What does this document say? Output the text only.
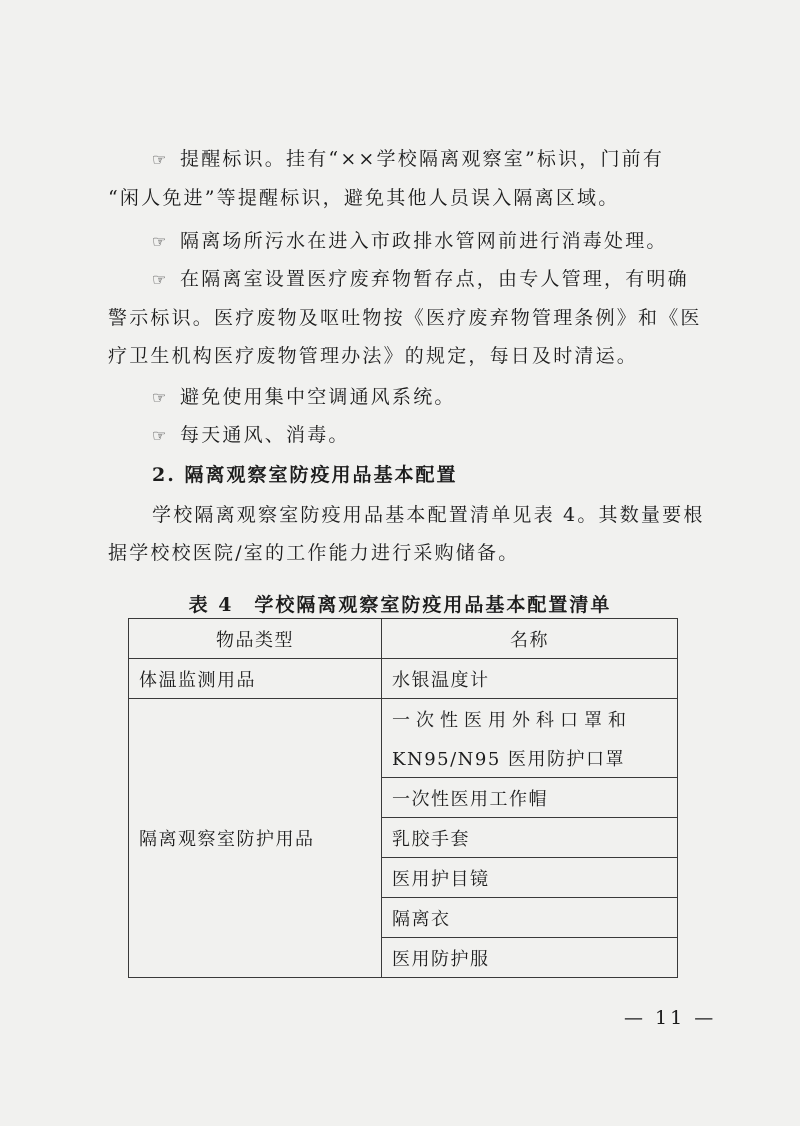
☞ 提醒标识。挂有“××学校隔离观察室”标识，门前有
“闲人免进”等提醒标识，避免其他人员误入隔离区域。
☞ 隔离场所污水在进入市政排水管网前进行消毒处理。
☞ 在隔离室设置医疗废弃物暂存点，由专人管理，有明确
警示标识。医疗废物及呕吐物按《医疗废弃物管理条例》和《医
疗卫生机构医疗废物管理办法》的规定，每日及时清运。
☞ 避免使用集中空调通风系统。
☞ 每天通风、消毒。
2. 隔离观察室防疫用品基本配置
学校隔离观察室防疫用品基本配置清单见表 4。其数量要根
据学校校医院/室的工作能力进行采购储备。
表 4　学校隔离观察室防疫用品基本配置清单
物品类型	名称
体温监测用品	水银温度计
隔离观察室防护用品	一次性医用外科口罩和
	KN95/N95 医用防护口罩
	一次性医用工作帽
	乳胶手套
	医用护目镜
	隔离衣
	医用防护服
— 11 —
